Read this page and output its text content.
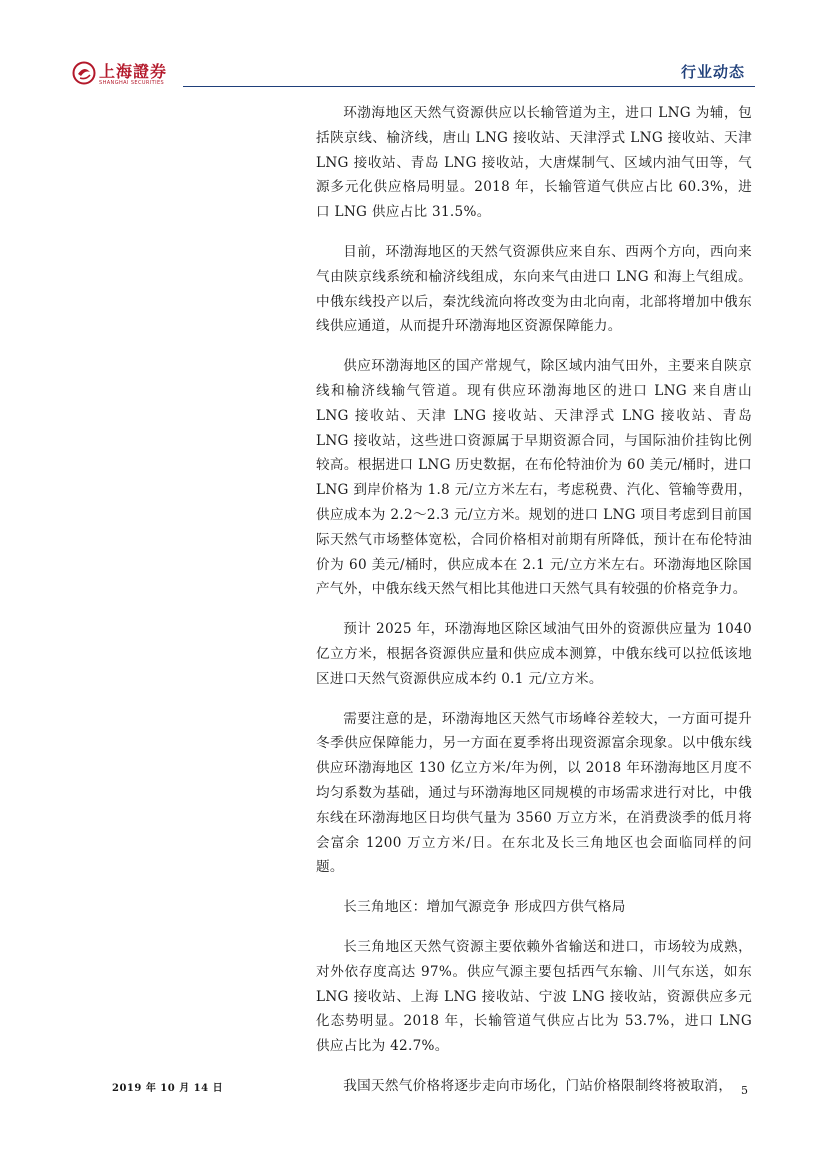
上海證券
SHANGHAI SECURITIES
行业动态

环渤海地区天然气资源供应以长输管道为主，进口 LNG 为辅，包括陕京线、榆济线，唐山 LNG 接收站、天津浮式 LNG 接收站、天津 LNG 接收站、青岛 LNG 接收站，大唐煤制气、区域内油气田等，气源多元化供应格局明显。2018 年，长输管道气供应占比 60.3%，进口 LNG 供应占比 31.5%。

目前，环渤海地区的天然气资源供应来自东、西两个方向，西向来气由陕京线系统和榆济线组成，东向来气由进口 LNG 和海上气组成。中俄东线投产以后，秦沈线流向将改变为由北向南，北部将增加中俄东线供应通道，从而提升环渤海地区资源保障能力。

供应环渤海地区的国产常规气，除区域内油气田外，主要来自陕京线和榆济线输气管道。现有供应环渤海地区的进口 LNG 来自唐山 LNG 接收站、天津 LNG 接收站、天津浮式 LNG 接收站、青岛 LNG 接收站，这些进口资源属于早期资源合同，与国际油价挂钩比例较高。根据进口 LNG 历史数据，在布伦特油价为 60 美元/桶时，进口 LNG 到岸价格为 1.8 元/立方米左右，考虑税费、汽化、管输等费用，供应成本为 2.2～2.3 元/立方米。规划的进口 LNG 项目考虑到目前国际天然气市场整体宽松，合同价格相对前期有所降低，预计在布伦特油价为 60 美元/桶时，供应成本在 2.1 元/立方米左右。环渤海地区除国产气外，中俄东线天然气相比其他进口天然气具有较强的价格竞争力。

预计 2025 年，环渤海地区除区域油气田外的资源供应量为 1040 亿立方米，根据各资源供应量和供应成本测算，中俄东线可以拉低该地区进口天然气资源供应成本约 0.1 元/立方米。

需要注意的是，环渤海地区天然气市场峰谷差较大，一方面可提升冬季供应保障能力，另一方面在夏季将出现资源富余现象。以中俄东线供应环渤海地区 130 亿立方米/年为例，以 2018 年环渤海地区月度不均匀系数为基础，通过与环渤海地区同规模的市场需求进行对比，中俄东线在环渤海地区日均供气量为 3560 万立方米，在消费淡季的低月将会富余 1200 万立方米/日。在东北及长三角地区也会面临同样的问题。

长三角地区：增加气源竞争 形成四方供气格局

长三角地区天然气资源主要依赖外省输送和进口，市场较为成熟，对外依存度高达 97%。供应气源主要包括西气东输、川气东送，如东 LNG 接收站、上海 LNG 接收站、宁波 LNG 接收站，资源供应多元化态势明显。2018 年，长输管道气供应占比为 53.7%，进口 LNG 供应占比为 42.7%。

我国天然气价格将逐步走向市场化，门站价格限制终将被取消，

2019 年 10 月 14 日	5
